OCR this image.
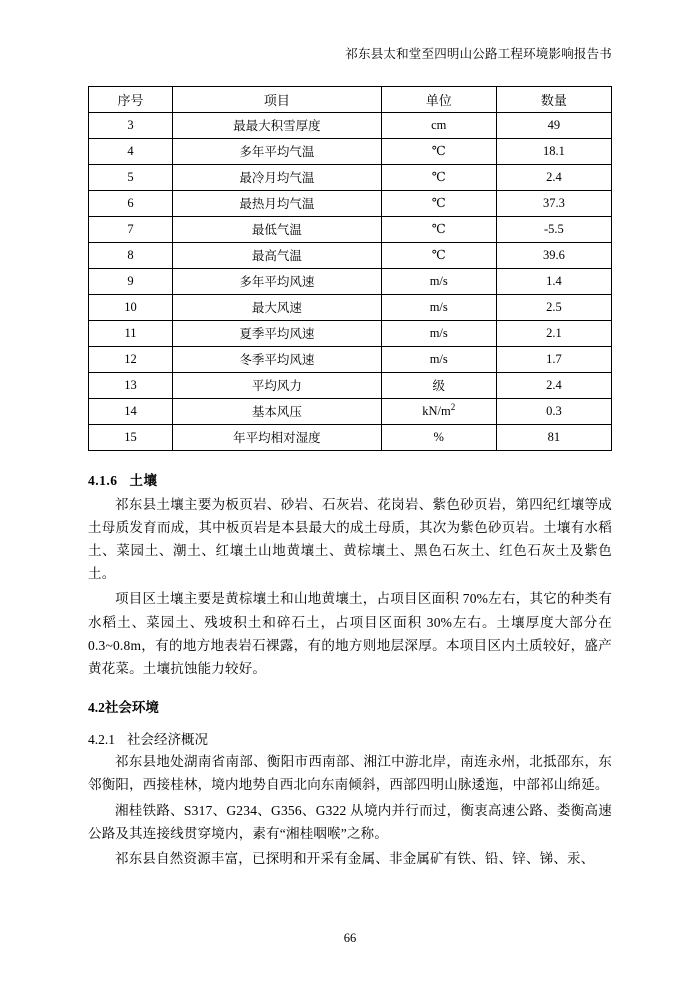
祁东县太和堂至四明山公路工程环境影响报告书
序号	项目	单位	数量
3	最最大积雪厚度	cm	49
4	多年平均气温	℃	18.1
5	最冷月均气温	℃	2.4
6	最热月均气温	℃	37.3
7	最低气温	℃	-5.5
8	最高气温	℃	39.6
9	多年平均风速	m/s	1.4
10	最大风速	m/s	2.5
11	夏季平均风速	m/s	2.1
12	冬季平均风速	m/s	1.7
13	平均风力	级	2.4
14	基本风压	$kN/m^2$	0.3
15	年平均相对湿度	%	81
4.1.6 土壤

祁东县土壤主要为板页岩、砂岩、石灰岩、花岗岩、紫色砂页岩，第四纪红壤等成土母质发育而成，其中板页岩是本县最大的成土母质，其次为紫色砂页岩。土壤有水稻土、菜园土、潮土、红壤土山地黄壤土、黄棕壤土、黑色石灰土、红色石灰土及紫色土。

项目区土壤主要是黄棕壤土和山地黄壤土，占项目区面积 70%左右，其它的种类有水稻土、菜园土、残坡积土和碎石土，占项目区面积 30%左右。土壤厚度大部分在0.3~0.8m，有的地方地表岩石裸露，有的地方则地层深厚。本项目区内土质较好，盛产黄花菜。土壤抗蚀能力较好。

4.2社会环境
4.2.1 社会经济概况

祁东县地处湖南省南部、衡阳市西南部、湘江中游北岸，南连永州，北抵邵东，东邻衡阳，西接桂林，境内地势自西北向东南倾斜，西部四明山脉逶迤，中部祁山绵延。

湘桂铁路、S317、G234、G356、G322 从境内并行而过，衡衷高速公路、娄衡高速公路及其连接线贯穿境内，素有“湘桂咽喉”之称。

祁东县自然资源丰富，已探明和开采有金属、非金属矿有铁、铅、锌、锑、汞、

66
